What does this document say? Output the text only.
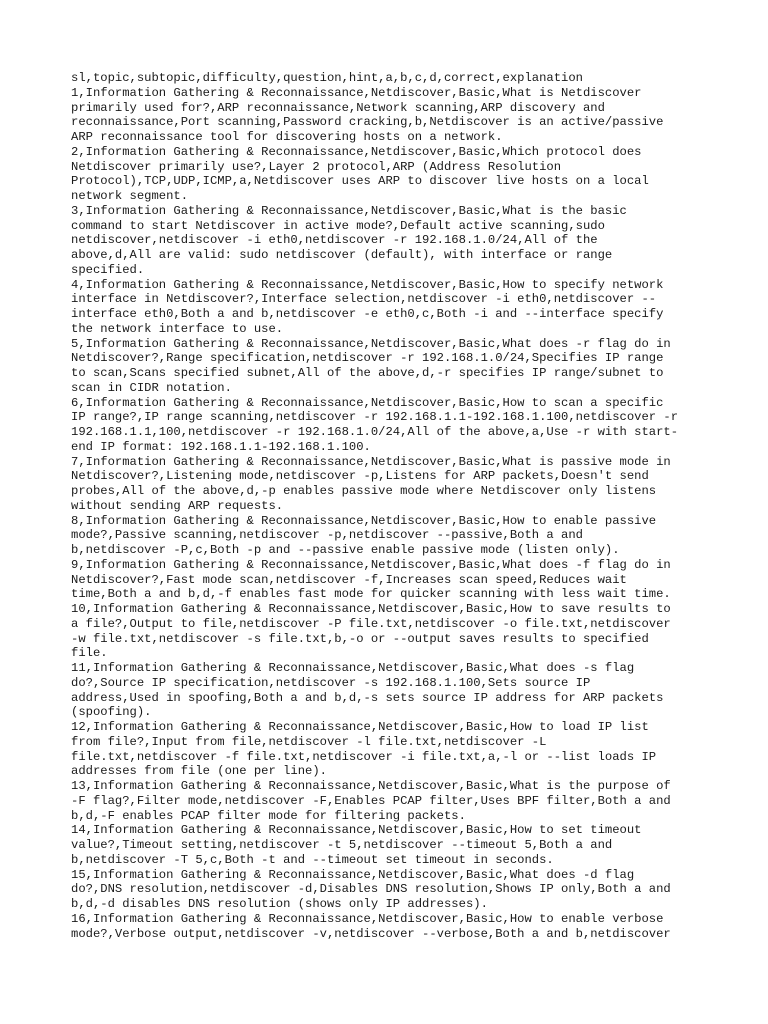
sl,topic,subtopic,difficulty,question,hint,a,b,c,d,correct,explanation
1,Information Gathering & Reconnaissance,Netdiscover,Basic,What is Netdiscover
primarily used for?,ARP reconnaissance,Network scanning,ARP discovery and
reconnaissance,Port scanning,Password cracking,b,Netdiscover is an active/passive
ARP reconnaissance tool for discovering hosts on a network.
2,Information Gathering & Reconnaissance,Netdiscover,Basic,Which protocol does
Netdiscover primarily use?,Layer 2 protocol,ARP (Address Resolution
Protocol),TCP,UDP,ICMP,a,Netdiscover uses ARP to discover live hosts on a local
network segment.
3,Information Gathering & Reconnaissance,Netdiscover,Basic,What is the basic
command to start Netdiscover in active mode?,Default active scanning,sudo
netdiscover,netdiscover -i eth0,netdiscover -r 192.168.1.0/24,All of the
above,d,All are valid: sudo netdiscover (default), with interface or range
specified.
4,Information Gathering & Reconnaissance,Netdiscover,Basic,How to specify network
interface in Netdiscover?,Interface selection,netdiscover -i eth0,netdiscover --
interface eth0,Both a and b,netdiscover -e eth0,c,Both -i and --interface specify
the network interface to use.
5,Information Gathering & Reconnaissance,Netdiscover,Basic,What does -r flag do in
Netdiscover?,Range specification,netdiscover -r 192.168.1.0/24,Specifies IP range
to scan,Scans specified subnet,All of the above,d,-r specifies IP range/subnet to
scan in CIDR notation.
6,Information Gathering & Reconnaissance,Netdiscover,Basic,How to scan a specific
IP range?,IP range scanning,netdiscover -r 192.168.1.1-192.168.1.100,netdiscover -r
192.168.1.1,100,netdiscover -r 192.168.1.0/24,All of the above,a,Use -r with start-
end IP format: 192.168.1.1-192.168.1.100.
7,Information Gathering & Reconnaissance,Netdiscover,Basic,What is passive mode in
Netdiscover?,Listening mode,netdiscover -p,Listens for ARP packets,Doesn't send
probes,All of the above,d,-p enables passive mode where Netdiscover only listens
without sending ARP requests.
8,Information Gathering & Reconnaissance,Netdiscover,Basic,How to enable passive
mode?,Passive scanning,netdiscover -p,netdiscover --passive,Both a and
b,netdiscover -P,c,Both -p and --passive enable passive mode (listen only).
9,Information Gathering & Reconnaissance,Netdiscover,Basic,What does -f flag do in
Netdiscover?,Fast mode scan,netdiscover -f,Increases scan speed,Reduces wait
time,Both a and b,d,-f enables fast mode for quicker scanning with less wait time.
10,Information Gathering & Reconnaissance,Netdiscover,Basic,How to save results to
a file?,Output to file,netdiscover -P file.txt,netdiscover -o file.txt,netdiscover
-w file.txt,netdiscover -s file.txt,b,-o or --output saves results to specified
file.
11,Information Gathering & Reconnaissance,Netdiscover,Basic,What does -s flag
do?,Source IP specification,netdiscover -s 192.168.1.100,Sets source IP
address,Used in spoofing,Both a and b,d,-s sets source IP address for ARP packets
(spoofing).
12,Information Gathering & Reconnaissance,Netdiscover,Basic,How to load IP list
from file?,Input from file,netdiscover -l file.txt,netdiscover -L
file.txt,netdiscover -f file.txt,netdiscover -i file.txt,a,-l or --list loads IP
addresses from file (one per line).
13,Information Gathering & Reconnaissance,Netdiscover,Basic,What is the purpose of
-F flag?,Filter mode,netdiscover -F,Enables PCAP filter,Uses BPF filter,Both a and
b,d,-F enables PCAP filter mode for filtering packets.
14,Information Gathering & Reconnaissance,Netdiscover,Basic,How to set timeout
value?,Timeout setting,netdiscover -t 5,netdiscover --timeout 5,Both a and
b,netdiscover -T 5,c,Both -t and --timeout set timeout in seconds.
15,Information Gathering & Reconnaissance,Netdiscover,Basic,What does -d flag
do?,DNS resolution,netdiscover -d,Disables DNS resolution,Shows IP only,Both a and
b,d,-d disables DNS resolution (shows only IP addresses).
16,Information Gathering & Reconnaissance,Netdiscover,Basic,How to enable verbose
mode?,Verbose output,netdiscover -v,netdiscover --verbose,Both a and b,netdiscover
